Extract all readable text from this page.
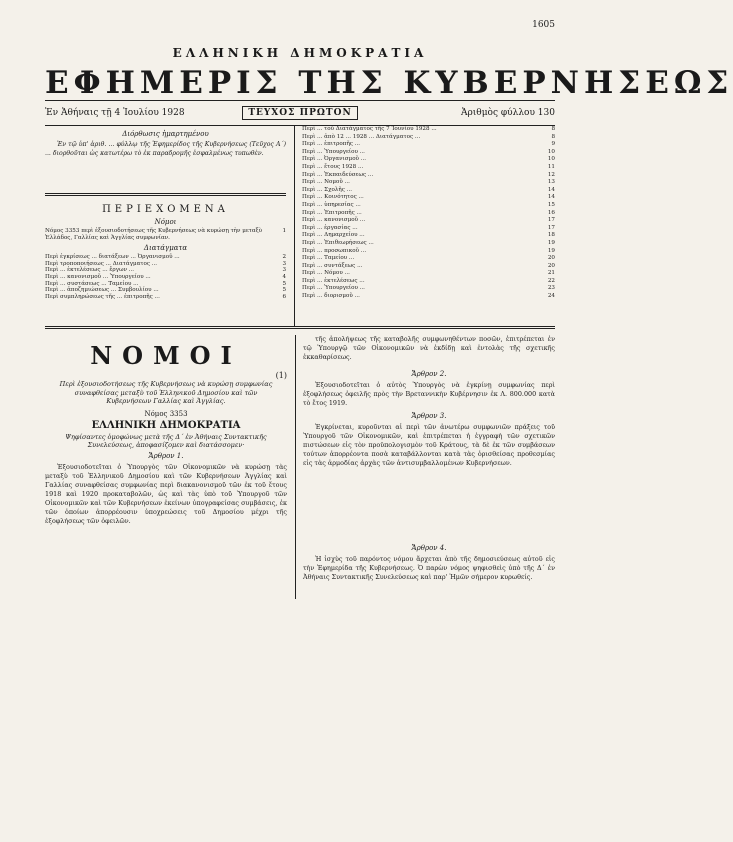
1605
ΕΛΛΗΝΙΚΗ ΔΗΜΟΚΡΑΤΙΑ
ΕΦΗΜΕΡΙΣ ΤΗΣ ΚΥΒΕΡΝΗΣΕΩΣ
Ἐν Ἀθήναις τῇ 4 Ἰουλίου 1928	ΤΕΥΧΟΣ ΠΡΩΤΟΝ	Ἀριθμὸς φύλλου 130
Διόρθωσις ἡμαρτημένου
Ἐν τῷ ὑπ' ἀριθ. ... φύλλῳ τῆς Ἐφημερίδος τῆς Κυβερνήσεως (Τεῦχος Α΄) ... διορθοῦται ὡς κατωτέρω τὸ ἐκ παραδρομῆς ἐσφαλμένως τυπωθὲν.
ΠΕΡΙΕΧΟΜΕΝΑ
Νόμοι
Νόμος 3353 περὶ ἐξουσιοδοτήσεως τῆς Κυβερνήσεως νὰ κυρώσῃ τὴν μεταξὺ Ἑλλάδος, Γαλλίας καὶ Ἀγγλίας συμφωνίαν.
1
Διατάγματα
Περὶ ἐγκρίσεως ... διατάξεων ... Ὀργανισμοῦ ...	2
Περὶ τροποποιήσεως ... Διατάγματος ...	3
Περὶ ... ἐκτελέσεως ... ἔργων ...	3
Περὶ ... κανονισμοῦ ... Ὑπουργείου ...	4
Περὶ ... συστάσεως ... Ταμείου ...	5
Περὶ ... ἀποζημιώσεως ... Συμβουλίου ...	5
Περὶ συμπληρώσεως τῆς ... ἐπιτροπῆς ...	6
Περὶ ... τοῦ Διατάγματος τῆς 7 Ἰουνίου 1928 ...	8
Περὶ ... ἀπὸ 12 ... 1928 ... Διατάγματος ...	8
Περὶ ... ἐπιτροπῆς ...	9
Περὶ ... Ὑπουργείου ...	10
Περὶ ... Ὀργανισμοῦ ...	10
Περὶ ... ἔτους 1928 ...	11
Περὶ ... Ἐκπαιδεύσεως ...	12
Περὶ ... Νομοῦ ...	13
Περὶ ... Σχολῆς ...	14
Περὶ ... Κοινότητος ...	14
Περὶ ... ὑπηρεσίας ...	15
Περὶ ... Ἐπιτροπῆς ...	16
Περὶ ... κανονισμοῦ ...	17
Περὶ ... ἐργασίας ...	17
Περὶ ... Δημαρχείου ...	18
Περὶ ... Ἐπιθεωρήσεως ...	19
Περὶ ... προσωπικοῦ ...	19
Περὶ ... Ταμείου ...	20
Περὶ ... συντάξεως ...	20
Περὶ ... Νόμου ...	21
Περὶ ... ἐκτελέσεως ...	22
Περὶ ... Ὑπουργείου ...	23
Περὶ ... διορισμοῦ ...	24
ΝΟΜΟΙ
(1)
Περὶ ἐξουσιοδοτήσεως τῆς Κυβερνήσεως νὰ κυρώσῃ συμφωνίας συναφθείσας μεταξὺ τοῦ Ἑλληνικοῦ Δημοσίου καὶ τῶν Κυβερνήσεων Γαλλίας καὶ Ἀγγλίας.
Νόμος 3353
ΕΛΛΗΝΙΚΗ ΔΗΜΟΚΡΑΤΙΑ
Ψηφίσαντες ὁμοφώνως μετὰ τῆς Δ΄ ἐν Ἀθήναις Συντακτικῆς Συνελεύσεως, ἀποφασίζομεν καὶ διατάσσομεν·
Ἄρθρον 1.
Ἐξουσιοδοτεῖται ὁ Ὑπουργὸς τῶν Οἰκονομικῶν νὰ κυρώσῃ τὰς μεταξὺ τοῦ Ἑλληνικοῦ Δημοσίου καὶ τῶν Κυβερνήσεων Ἀγγλίας καὶ Γαλλίας συναφθείσας συμφωνίας περὶ διακανονισμοῦ τῶν ἐκ τοῦ ἔτους 1918 καὶ 1920 προκαταβολῶν, ὡς καὶ τὰς ὑπὸ τοῦ Ὑπουργοῦ τῶν Οἰκονομικῶν καὶ τῶν Κυβερνήσεων ἐκείνων ὑπογραφείσας συμβάσεις, ἐκ τῶν ὁποίων ἀπορρέουσιν ὑποχρεώσεις τοῦ Δημοσίου μέχρι τῆς ἐξοφλήσεως τῶν ὀφειλῶν.
τῆς ἀπολήψεως τῆς καταβολῆς συμφωνηθέντων ποσῶν, ἐπιτρέπεται ἐν τῷ Ὑπουργῷ τῶν Οἰκονομικῶν νὰ ἐκδίδῃ καὶ ἐντολὰς τῆς σχετικῆς ἐκκαθαρίσεως.
Ἄρθρον 2.
Ἐξουσιοδοτεῖται ὁ αὐτὸς Ὑπουργὸς νὰ ἐγκρίνῃ συμφωνίας περὶ ἐξοφλήσεως ὀφειλῆς πρὸς τὴν Βρεταννικὴν Κυβέρνησιν ἐκ Λ. 800.000 κατὰ τὸ ἔτος 1919.
Ἄρθρον 3.
Ἐγκρίνεται, κυροῦνται αἱ περὶ τῶν ἀνωτέρω συμφωνιῶν πράξεις τοῦ Ὑπουργοῦ τῶν Οἰκονομικῶν, καὶ ἐπιτρέπεται ἡ ἐγγραφὴ τῶν σχετικῶν πιστώσεων εἰς τὸν προϋπολογισμὸν τοῦ Κράτους, τὰ δὲ ἐκ τῶν συμβάσεων τούτων ἀπορρέοντα ποσὰ καταβάλλονται κατὰ τὰς ὁρισθείσας προθεσμίας εἰς τὰς ἀρμοδίας ἀρχὰς τῶν ἀντισυμβαλλομένων Κυβερνήσεων.
Ἄρθρον 4.
Ἡ ἰσχὺς τοῦ παρόντος νόμου ἄρχεται ἀπὸ τῆς δημοσιεύσεως αὐτοῦ εἰς τὴν Ἐφημερίδα τῆς Κυβερνήσεως. Ὁ παρὼν νόμος ψηφισθεὶς ὑπὸ τῆς Δ΄ ἐν Ἀθήναις Συντακτικῆς Συνελεύσεως καὶ παρ' Ἡμῶν σήμερον κυρωθείς.
